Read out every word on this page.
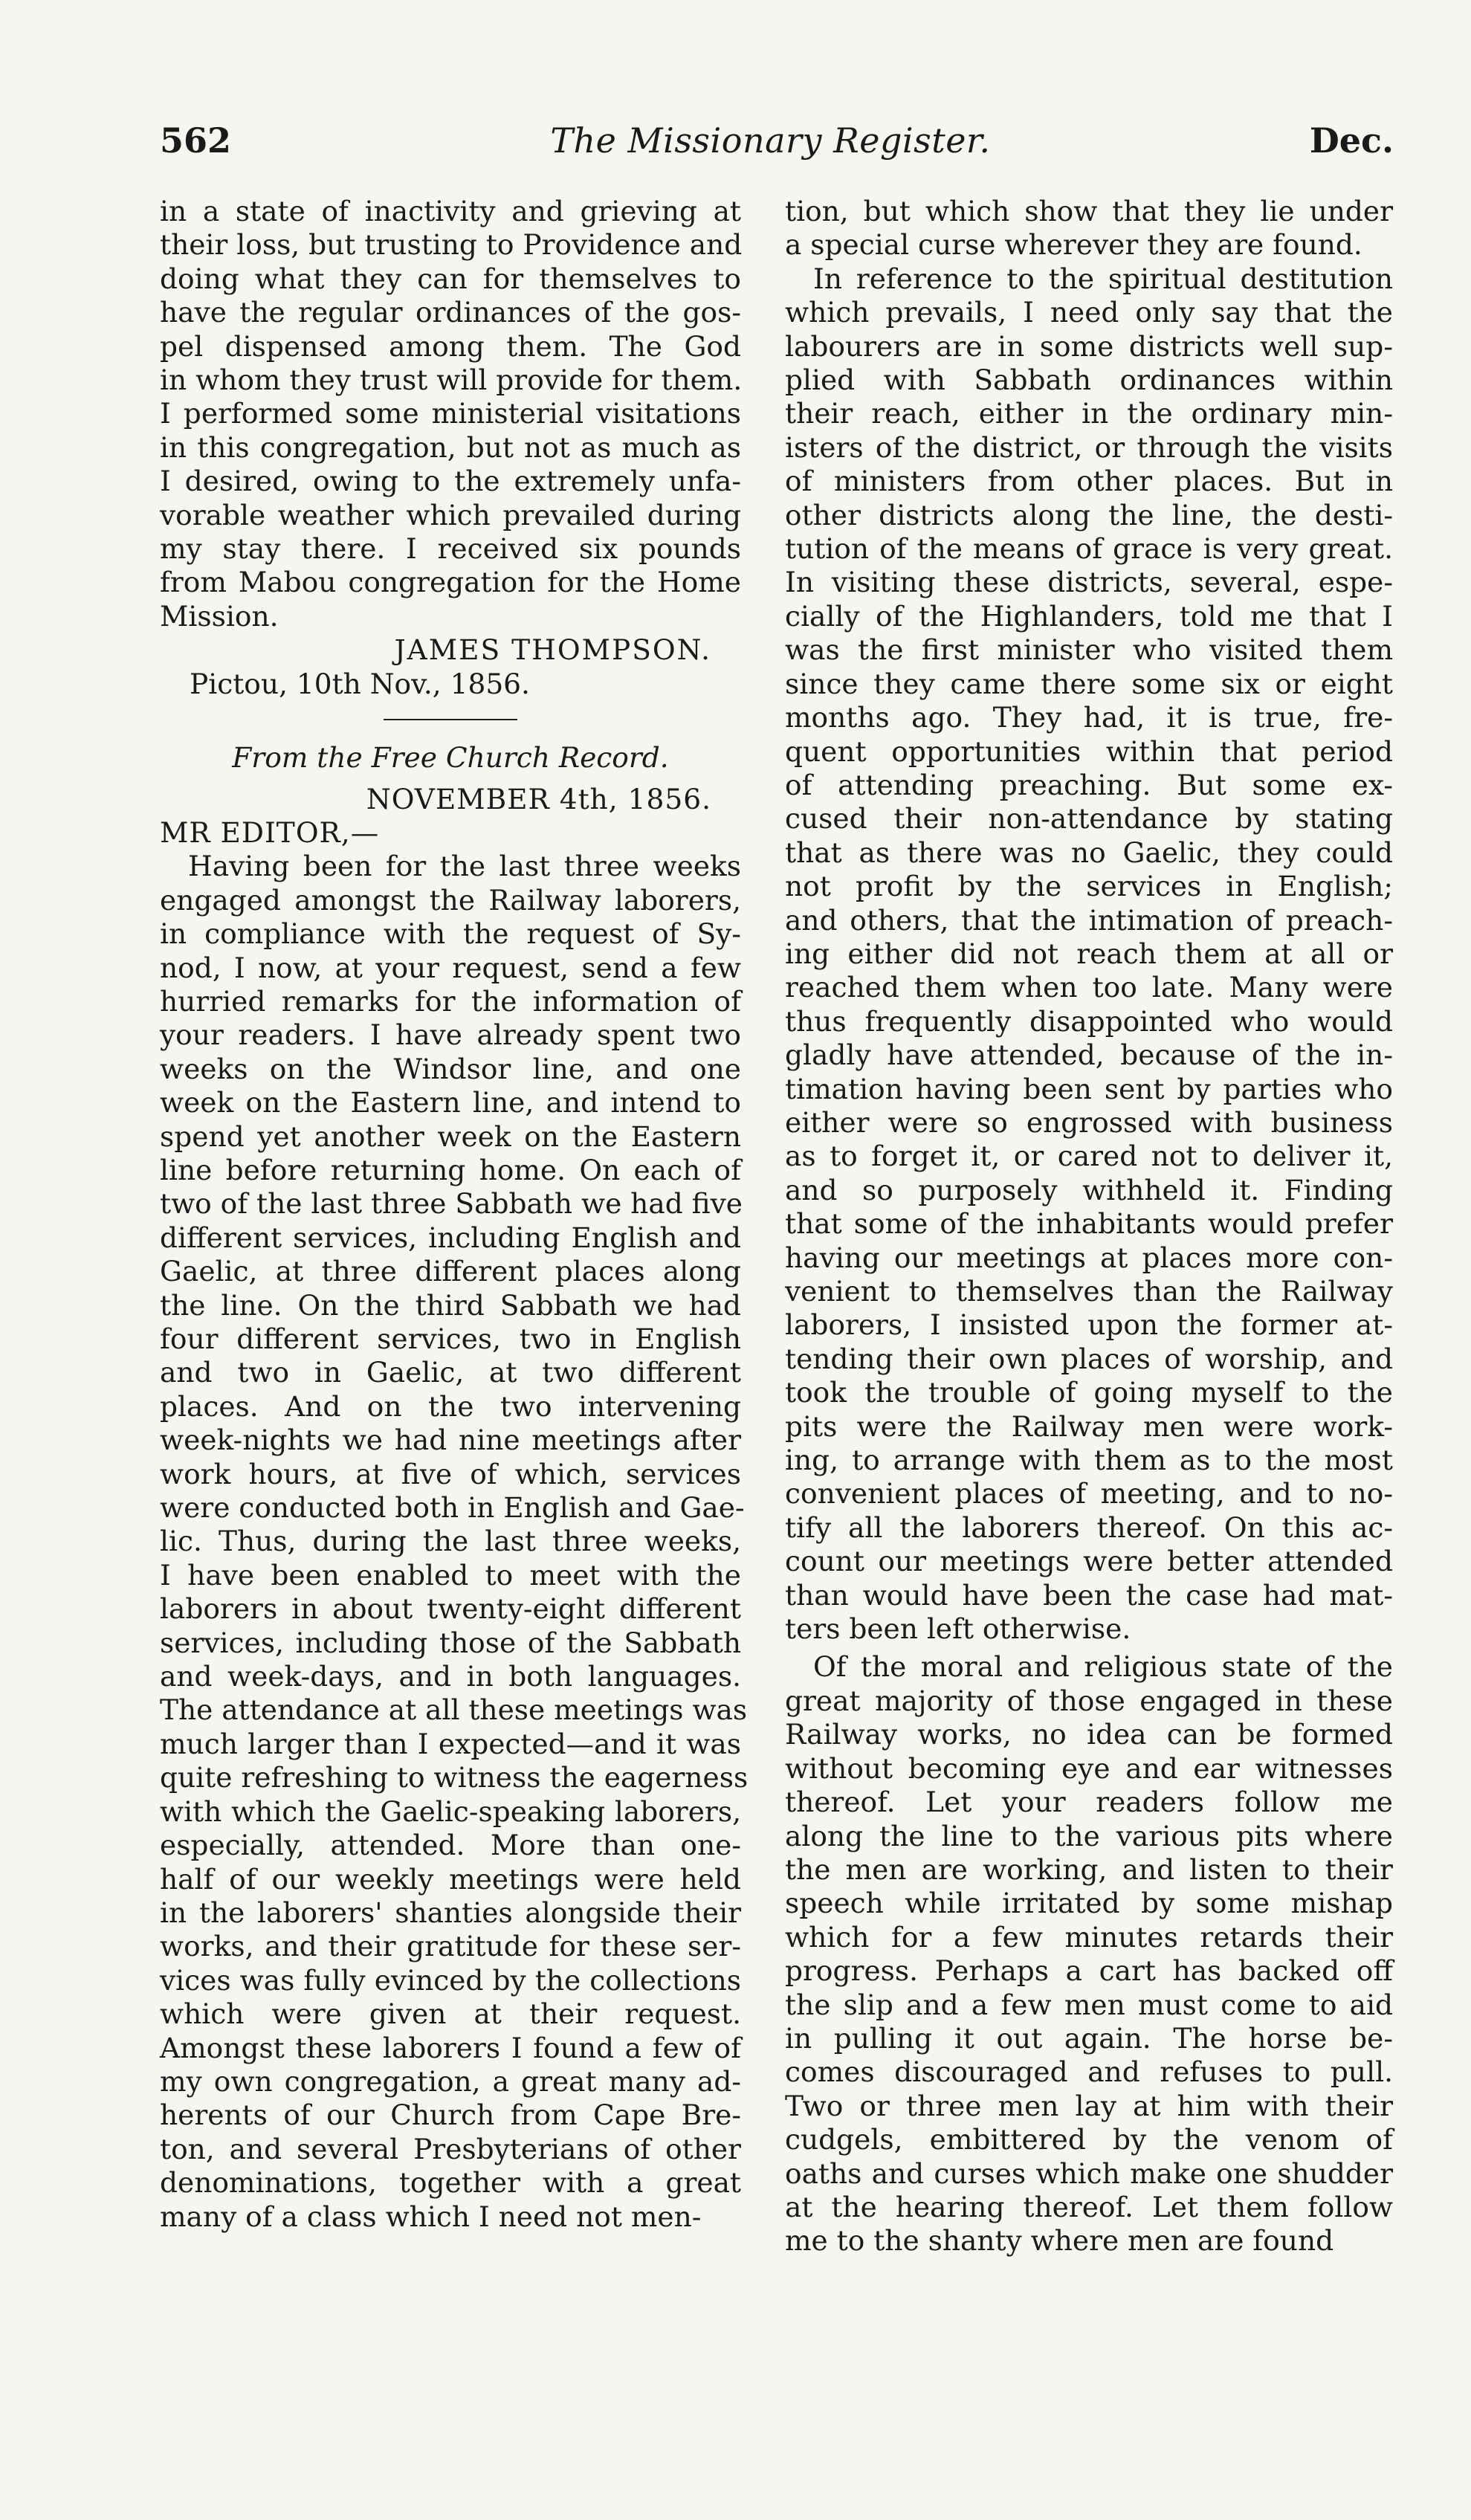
562	The Missionary Register.	Dec.
in a state of inactivity and grieving at
their loss, but trusting to Providence and
doing what they can for themselves to
have the regular ordinances of the gos-
pel dispensed among them. The God
in whom they trust will provide for them.
I performed some ministerial visitations
in this congregation, but not as much as
I desired, owing to the extremely unfa-
vorable weather which prevailed during
my stay there. I received six pounds
from Mabou congregation for the Home
Mission.
JAMES THOMPSON.
Pictou, 10th Nov., 1856.
From the Free Church Record.
NOVEMBER 4th, 1856.
MR EDITOR,—
Having been for the last three weeks
engaged amongst the Railway laborers,
in compliance with the request of Sy-
nod, I now, at your request, send a few
hurried remarks for the information of
your readers. I have already spent two
weeks on the Windsor line, and one
week on the Eastern line, and intend to
spend yet another week on the Eastern
line before returning home. On each of
two of the last three Sabbath we had five
different services, including English and
Gaelic, at three different places along
the line. On the third Sabbath we had
four different services, two in English
and two in Gaelic, at two different
places. And on the two intervening
week-nights we had nine meetings after
work hours, at five of which, services
were conducted both in English and Gae-
lic. Thus, during the last three weeks,
I have been enabled to meet with the
laborers in about twenty-eight different
services, including those of the Sabbath
and week-days, and in both languages.
The attendance at all these meetings was
much larger than I expected—and it was
quite refreshing to witness the eagerness
with which the Gaelic-speaking laborers,
especially, attended. More than one-
half of our weekly meetings were held
in the laborers' shanties alongside their
works, and their gratitude for these ser-
vices was fully evinced by the collections
which were given at their request.
Amongst these laborers I found a few of
my own congregation, a great many ad-
herents of our Church from Cape Bre-
ton, and several Presbyterians of other
denominations, together with a great
many of a class which I need not men-
tion, but which show that they lie under
a special curse wherever they are found.
In reference to the spiritual destitution
which prevails, I need only say that the
labourers are in some districts well sup-
plied with Sabbath ordinances within
their reach, either in the ordinary min-
isters of the district, or through the visits
of ministers from other places. But in
other districts along the line, the desti-
tution of the means of grace is very great.
In visiting these districts, several, espe-
cially of the Highlanders, told me that I
was the first minister who visited them
since they came there some six or eight
months ago. They had, it is true, fre-
quent opportunities within that period
of attending preaching. But some ex-
cused their non-attendance by stating
that as there was no Gaelic, they could
not profit by the services in English;
and others, that the intimation of preach-
ing either did not reach them at all or
reached them when too late. Many were
thus frequently disappointed who would
gladly have attended, because of the in-
timation having been sent by parties who
either were so engrossed with business
as to forget it, or cared not to deliver it,
and so purposely withheld it. Finding
that some of the inhabitants would prefer
having our meetings at places more con-
venient to themselves than the Railway
laborers, I insisted upon the former at-
tending their own places of worship, and
took the trouble of going myself to the
pits were the Railway men were work-
ing, to arrange with them as to the most
convenient places of meeting, and to no-
tify all the laborers thereof. On this ac-
count our meetings were better attended
than would have been the case had mat-
ters been left otherwise.
Of the moral and religious state of the
great majority of those engaged in these
Railway works, no idea can be formed
without becoming eye and ear witnesses
thereof. Let your readers follow me
along the line to the various pits where
the men are working, and listen to their
speech while irritated by some mishap
which for a few minutes retards their
progress. Perhaps a cart has backed off
the slip and a few men must come to aid
in pulling it out again. The horse be-
comes discouraged and refuses to pull.
Two or three men lay at him with their
cudgels, embittered by the venom of
oaths and curses which make one shudder
at the hearing thereof. Let them follow
me to the shanty where men are found
